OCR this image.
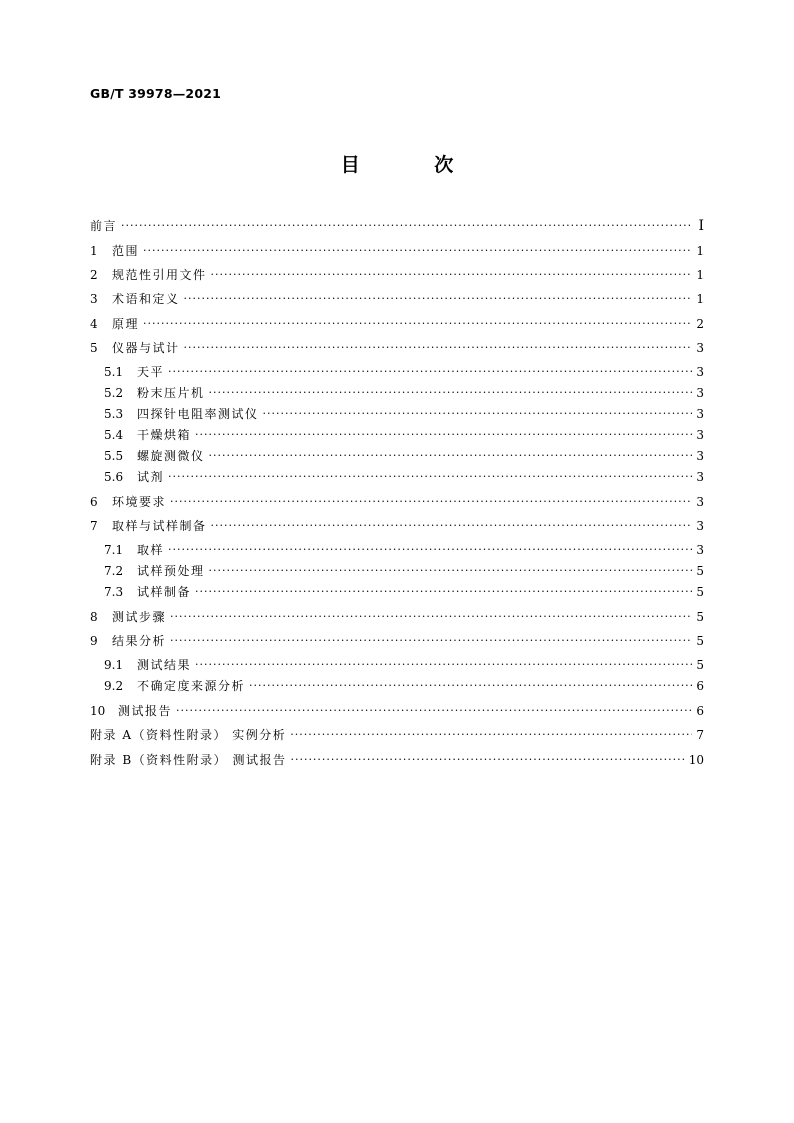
GB/T 39978—2021
目 次
前言 ·····	Ⅰ
1	范围 ·····	1
2	规范性引用文件 ·····	1
3	术语和定义 ·····	1
4	原理 ·····	2
5	仪器与试计 ·····	3
5.1	天平 ·····	3
5.2	粉末压片机 ·····	3
5.3	四探针电阻率测试仪 ·····	3
5.4	干燥烘箱 ·····	3
5.5	螺旋测微仪 ·····	3
5.6	试剂 ·····	3
6	环境要求 ·····	3
7	取样与试样制备 ·····	3
7.1	取样 ·····	3
7.2	试样预处理 ·····	5
7.3	试样制备 ·····	5
8	测试步骤 ·····	5
9	结果分析 ·····	5
9.1	测试结果 ·····	5
9.2	不确定度来源分析 ·····	6
10	测试报告 ·····	6
附录 A（资料性附录） 实例分析 ·····	7
附录 B（资料性附录） 测试报告 ·····	10
